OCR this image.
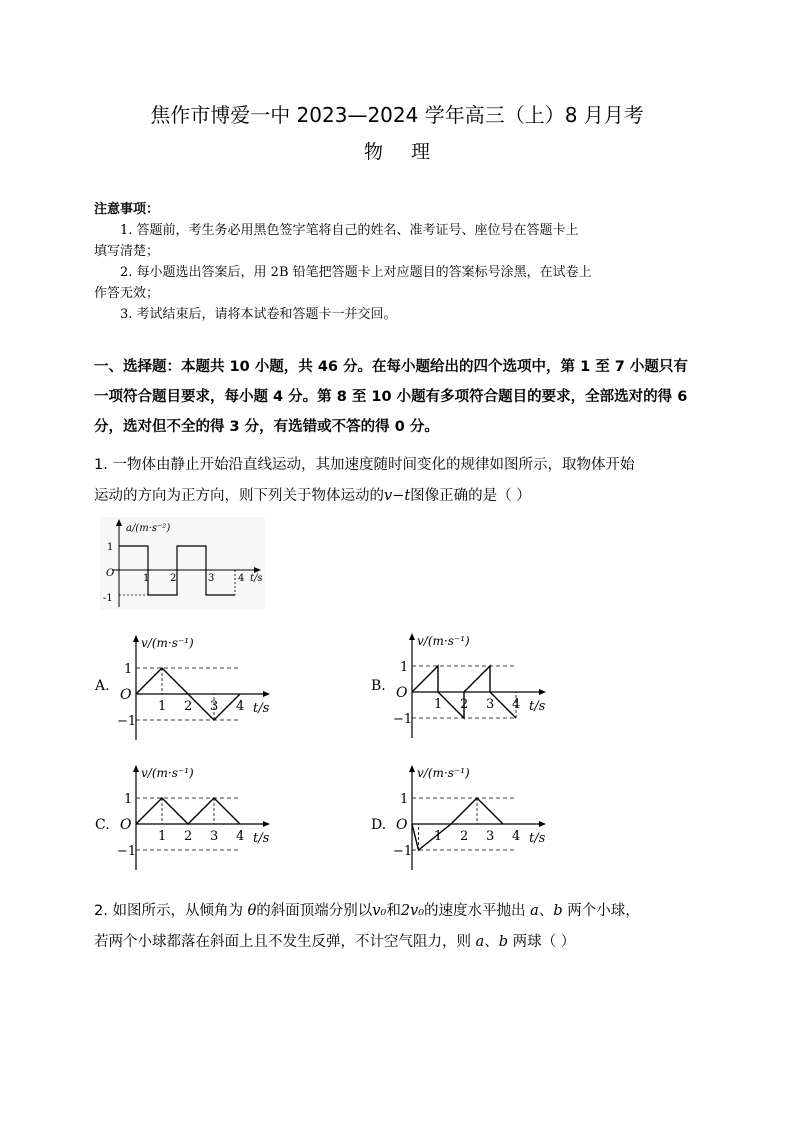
焦作市博爱一中 2023—2024 学年高三（上）8 月月考
物理

注意事项：

1. 答题前，考生务必用黑色签字笔将自己的姓名、准考证号、座位号在答题卡上

填写清楚；

2. 每小题选出答案后，用 2B 铅笔把答题卡上对应题目的答案标号涂黑，在试卷上

作答无效；

3. 考试结束后，请将本试卷和答题卡一并交回。

一、选择题：本题共 10 小题，共 46 分。在每小题给出的四个选项中，第 1 至 7 小题只有一项符合题目要求，每小题 4 分。第 8 至 10 小题有多项符合题目的要求，全部选对的得 6 分，选对但不全的得 3 分，有选错或不答的得 0 分。
1. 一物体由静止开始沿直线运动，其加速度随时间变化的规律如图所示，取物体开始
运动的方向为正方向，则下列关于物体运动的v−t图像正确的是（ ）
a/(m·s⁻²)
t/s
O
1
-1
1 2	3 4
A.	B.
C.	D.
v/(m·s⁻¹)
t/s
O
1
−1
1 2 3 4
v/(m·s⁻¹)
t/s
O
1
−1
1 2 3 4
v/(m·s⁻¹)
t/s
O
1
−1
1 2 3 4
v/(m·s⁻¹)
t/s
O
1
−1
1 2 3 4
2. 如图所示，从倾角为 θ的斜面顶端分别以v₀和2v₀的速度水平抛出 a、b 两个小球，
若两个小球都落在斜面上且不发生反弹，不计空气阻力，则 a、b 两球（ ）
